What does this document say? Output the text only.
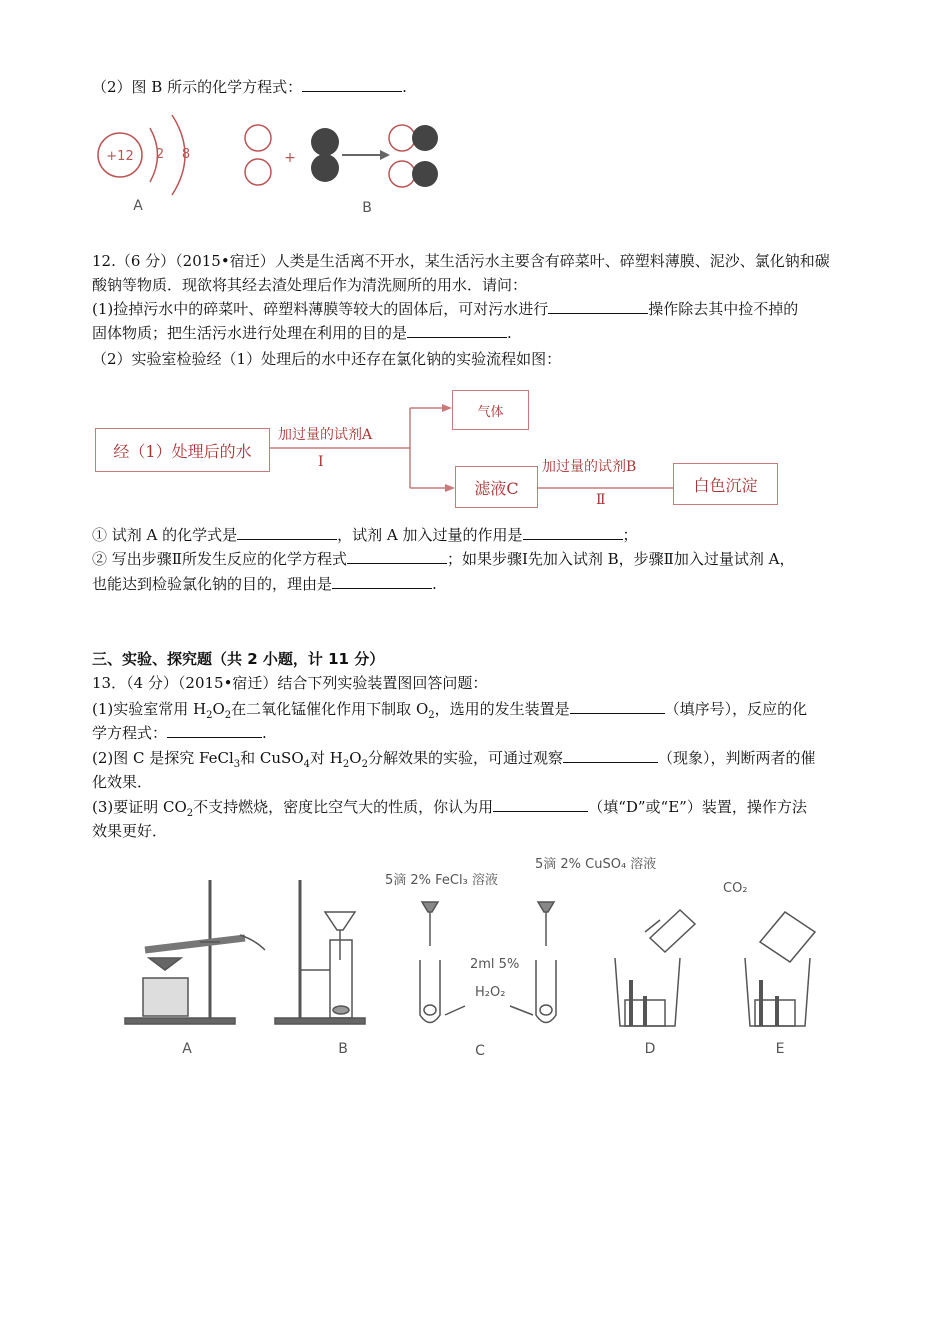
（2）图 B 所示的化学方程式：	.
+12 2 8
A
+
B
12.（6 分）（2015•宿迁）人类是生活离不开水，某生活污水主要含有碎菜叶、碎塑料薄膜、泥沙、氯化钠和碳
酸钠等物质．现欲将其经去渣处理后作为清洗厕所的用水．请问：
(1)捡掉污水中的碎菜叶、碎塑料薄膜等较大的固体后，可对污水进行	操作除去其中捡不掉的
固体物质；把生活污水进行处理在利用的目的是	.
（2）实验室检验经（1）处理后的水中还存在氯化钠的实验流程如图：
经（1）处理后的水
加过量的试剂A
Ⅰ
气体
滤液C
加过量的试剂B
Ⅱ
白色沉淀
① 试剂 A 的化学式是	，试剂 A 加入过量的作用是	；
② 写出步骤Ⅱ所发生反应的化学方程式	；如果步骤Ⅰ先加入试剂 B，步骤Ⅱ加入过量试剂 A，
也能达到检验氯化钠的目的，理由是	.
三、实验、探究题（共 2 小题，计 11 分）
13．（4 分）（2015•宿迁）结合下列实验装置图回答问题：
(1)实验室常用 $H_2O_2$在二氧化锰催化作用下制取 $O_2$，选用的发生装置是	（填序号），反应的化
学方程式：	.
(2)图 C 是探究 FeCl$_3$和 CuSO$_4$对 $H_2O_2$分解效果的实验，可通过观察	（现象），判断两者的催
化效果．
(3)要证明 $CO_2$不支持燃烧，密度比空气大的性质，你认为用	（填“D”或“E”）装置，操作方法
效果更好．
A	B
5滴 2% FeCl₃ 溶液
5滴 2% CuSO₄ 溶液
2ml 5%
H₂O₂
C	D
CO₂
E
